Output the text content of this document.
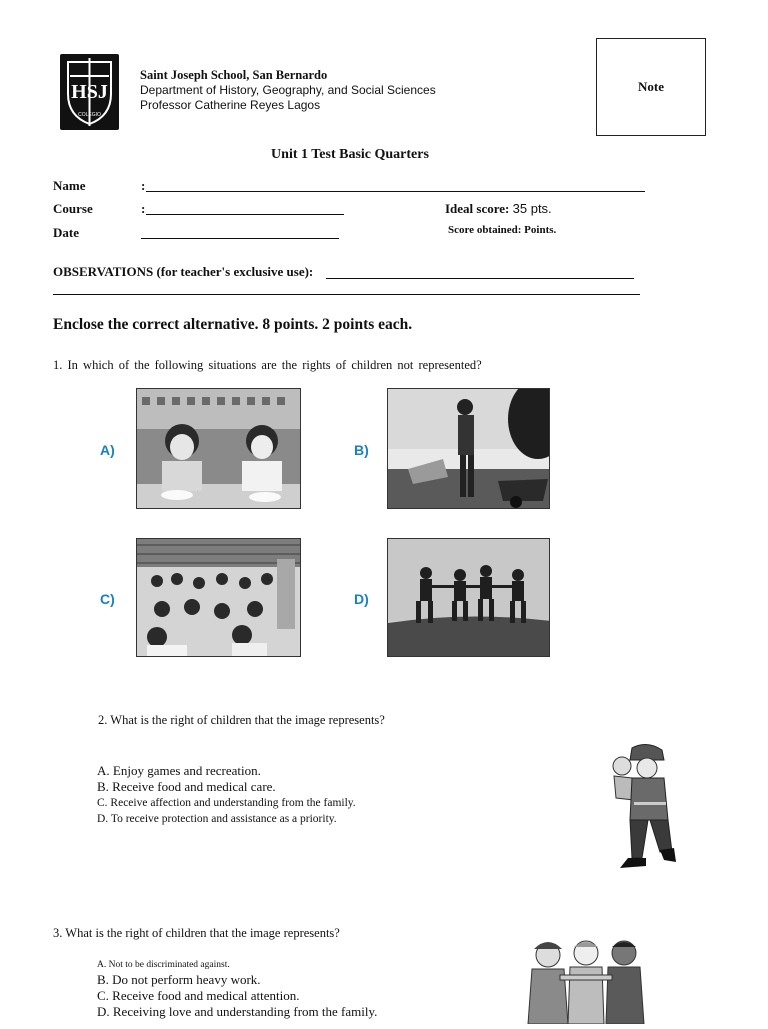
HSJ
COLEGIO
Saint Joseph School, San Bernardo
Department of History, Geography, and Social Sciences
Professor Catherine Reyes Lagos
Note
Unit 1 Test Basic Quarters
Name	:
Course	:	Ideal score: 35 pts.
Date	Score obtained: Points.
OBSERVATIONS (for teacher's exclusive use):
Enclose the correct alternative. 8 points. 2 points each.
1. In which of the following situations are the rights of children not represented?
A)	B)
C)	D)
2. What is the right of children that the image represents?
A. Enjoy games and recreation.
B. Receive food and medical care.
C. Receive affection and understanding from the family.
D. To receive protection and assistance as a priority.
3. What is the right of children that the image represents?
A. Not to be discriminated against.
B. Do not perform heavy work.
C. Receive food and medical attention.
D. Receiving love and understanding from the family.
